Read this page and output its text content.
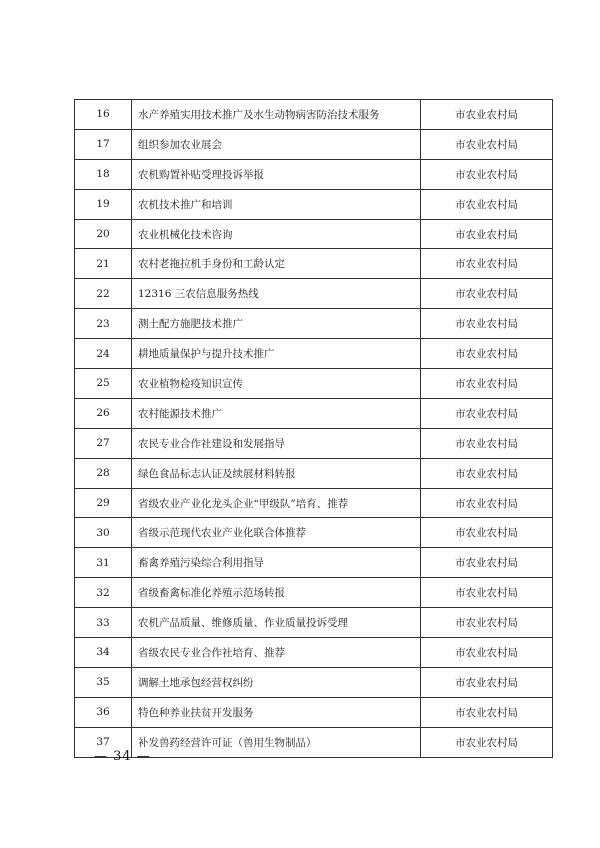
16	水产养殖实用技术推广及水生动物病害防治技术服务	市农业农村局
17	组织参加农业展会	市农业农村局
18	农机购置补贴受理投诉举报	市农业农村局
19	农机技术推广和培训	市农业农村局
20	农业机械化技术咨询	市农业农村局
21	农村老拖拉机手身份和工龄认定	市农业农村局
22	12316 三农信息服务热线	市农业农村局
23	测土配方施肥技术推广	市农业农村局
24	耕地质量保护与提升技术推广	市农业农村局
25	农业植物检疫知识宣传	市农业农村局
26	农村能源技术推广	市农业农村局
27	农民专业合作社建设和发展指导	市农业农村局
28	绿色食品标志认证及续展材料转报	市农业农村局
29	省级农业产业化龙头企业“甲级队”培育、推荐	市农业农村局
30	省级示范现代农业产业化联合体推荐	市农业农村局
31	畜禽养殖污染综合利用指导	市农业农村局
32	省级畜禽标准化养殖示范场转报	市农业农村局
33	农机产品质量、维修质量、作业质量投诉受理	市农业农村局
34	省级农民专业合作社培育、推荐	市农业农村局
35	调解土地承包经营权纠纷	市农业农村局
36	特色种养业扶贫开发服务	市农业农村局
37	补发兽药经营许可证（兽用生物制品）	市农业农村局
— 34 —
